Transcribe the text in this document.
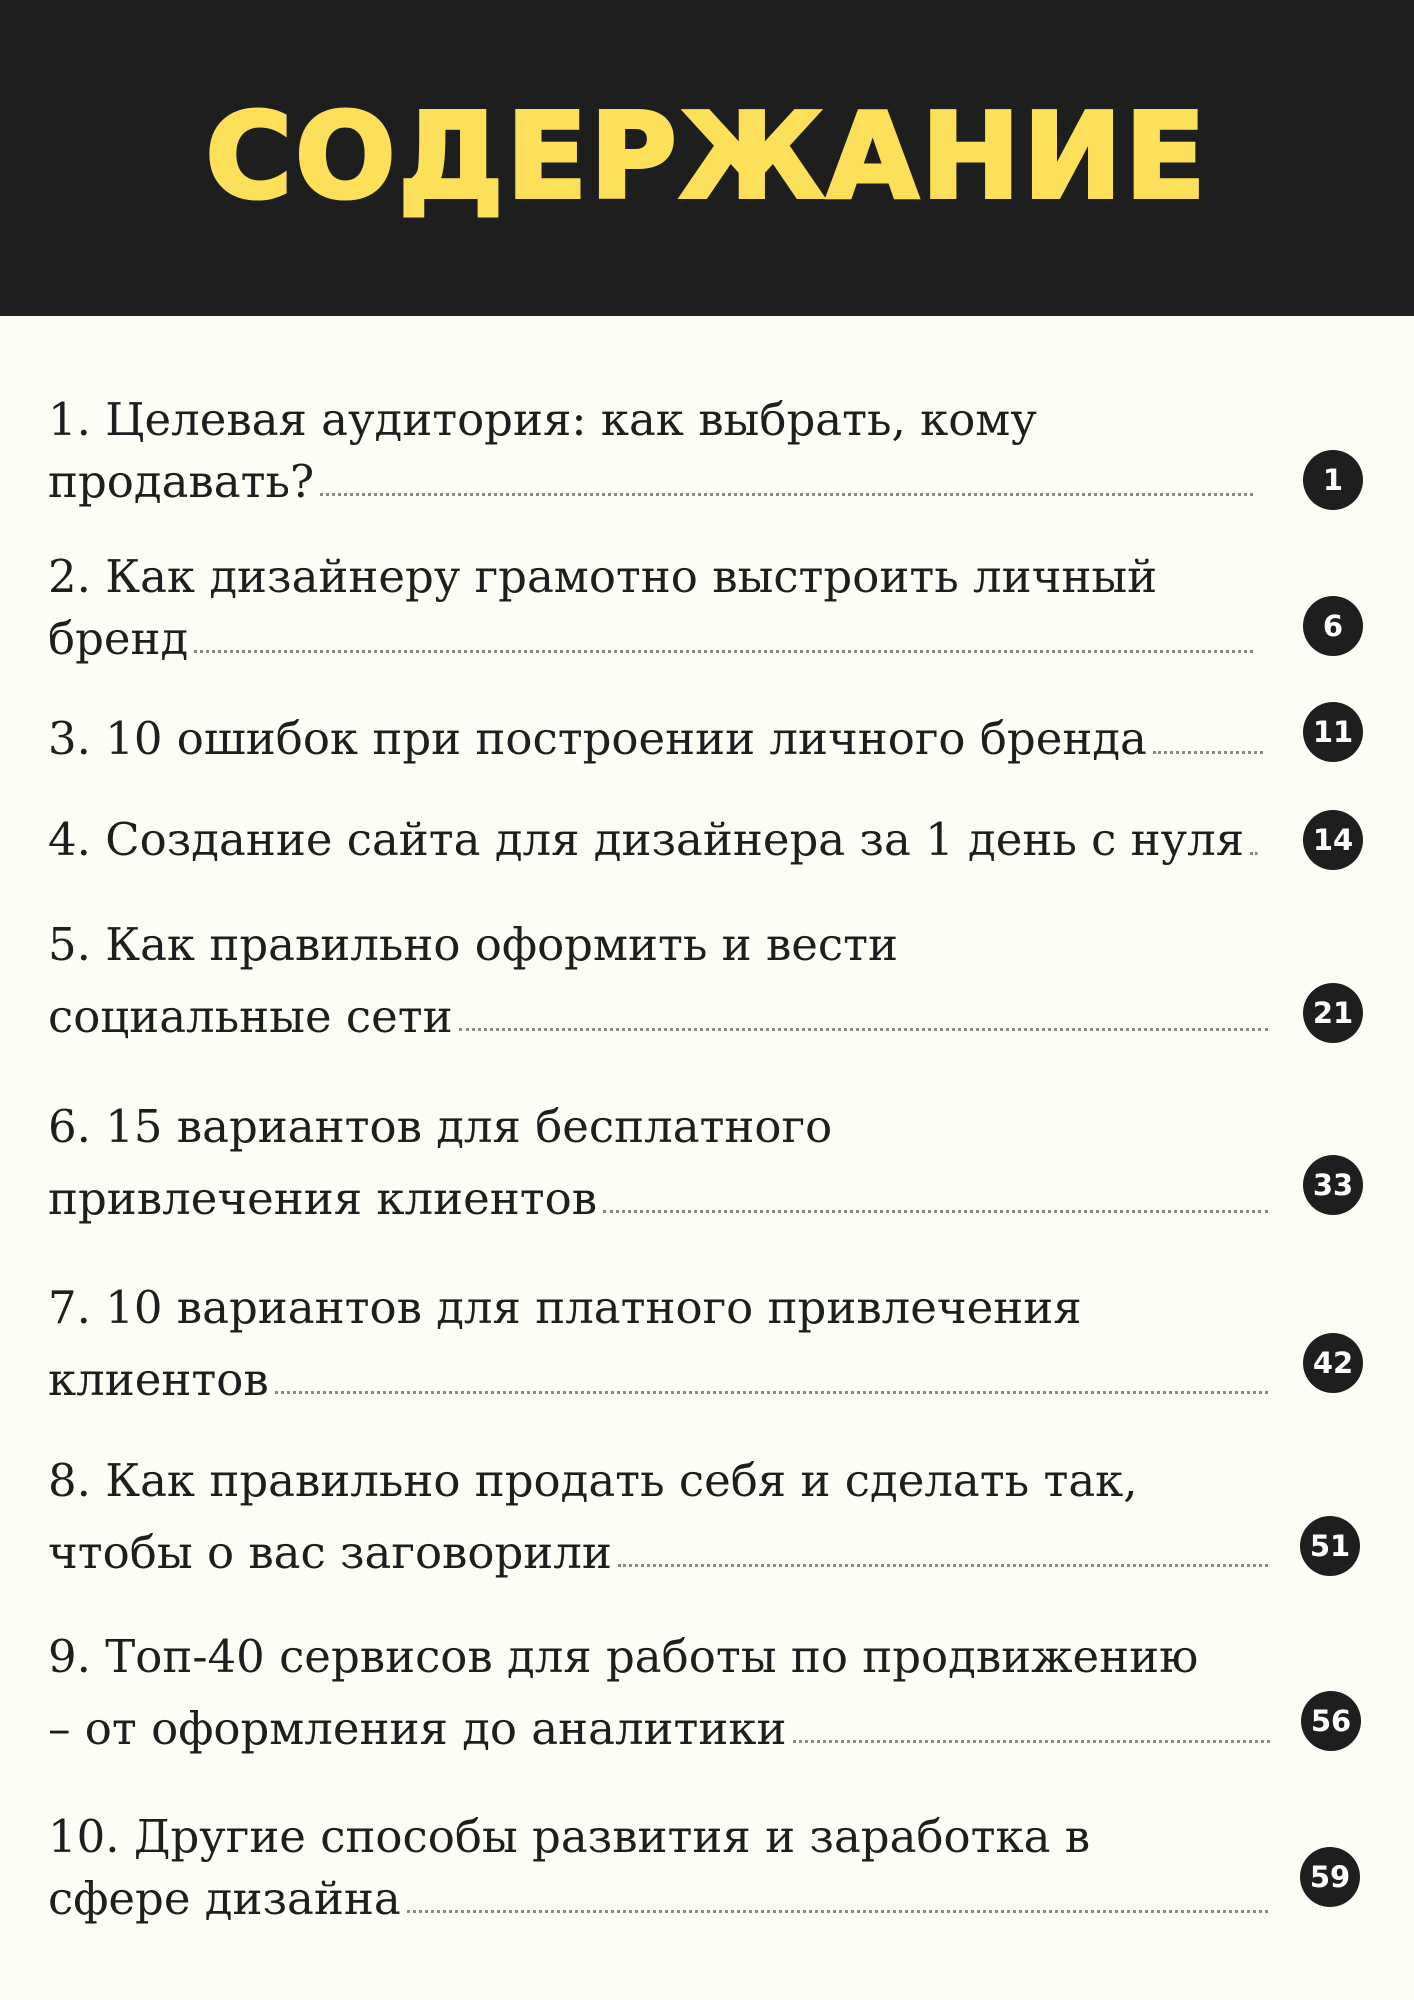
СОДЕРЖАНИЕ
1. Целевая аудитория: как выбрать, кому
продавать?	1
2. Как дизайнеру грамотно выстроить личный
бренд	6
3. 10 ошибок при построении личного бренда	11
4. Создание сайта для дизайнера за 1 день с нуля	14
5. Как правильно оформить и вести
социальные сети	21
6. 15 вариантов для бесплатного
привлечения клиентов	33
7. 10 вариантов для платного привлечения
клиентов	42
8. Как правильно продать себя и сделать так,
чтобы о вас заговорили	51
9. Топ-40 сервисов для работы по продвижению
– от оформления до аналитики	56
10. Другие способы развития и заработка в
сфере дизайна	59
